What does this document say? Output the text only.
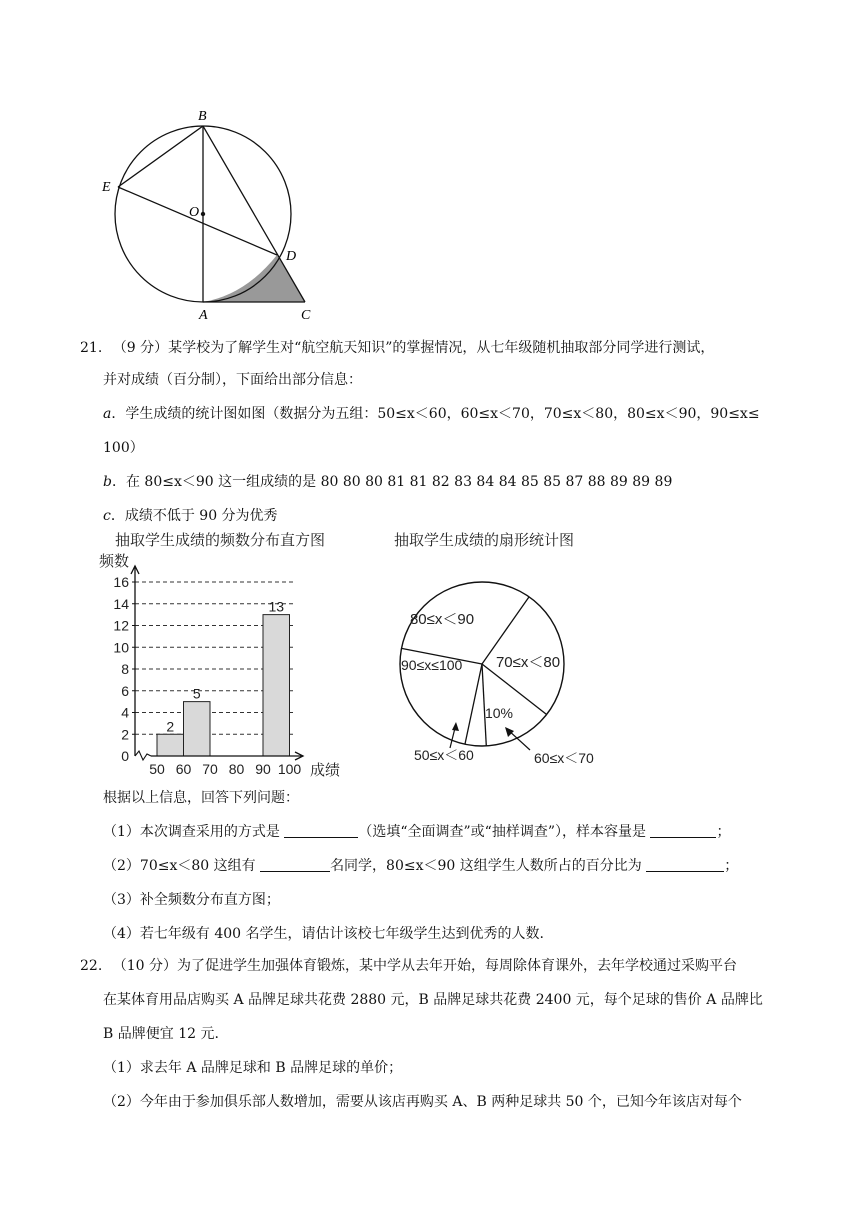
B
E
O
D
A	C
21. （9 分）某学校为了解学生对“航空航天知识”的掌握情况，从七年级随机抽取部分同学进行测试，
并对成绩（百分制），下面给出部分信息：
a．学生成绩的统计图如图（数据分为五组：50≤x＜60，60≤x＜70，70≤x＜80，80≤x＜90，90≤x≤
100）
b．在 80≤x＜90 这一组成绩的是 80 80 80 81 81 82 83 84 84 85 85 87 88 89 89 89
c．成绩不低于 90 分为优秀
抽取学生成绩的频数分布直方图
频数
2
5
13
2
4
6
8
10
12
14
16
0
50 60 70 80 90 100 成绩
抽取学生成绩的扇形统计图
80≤x＜90
70≤x＜80
10%
60≤x＜70
50≤x＜60
90≤x≤100
根据以上信息，回答下列问题：
（1）本次调查采用的方式是	（选填“全面调查”或“抽样调查”），样本容量是	；
（2）70≤x＜80 这组有	名同学，80≤x＜90 这组学生人数所占的百分比为	；
（3）补全频数分布直方图；
（4）若七年级有 400 名学生，请估计该校七年级学生达到优秀的人数.
22. （10 分）为了促进学生加强体育锻炼，某中学从去年开始，每周除体育课外，去年学校通过采购平台
在某体育用品店购买 A 品牌足球共花费 2880 元，B 品牌足球共花费 2400 元，每个足球的售价 A 品牌比
B 品牌便宜 12 元.
（1）求去年 A 品牌足球和 B 品牌足球的单价；
（2）今年由于参加俱乐部人数增加，需要从该店再购买 A、B 两种足球共 50 个，已知今年该店对每个
